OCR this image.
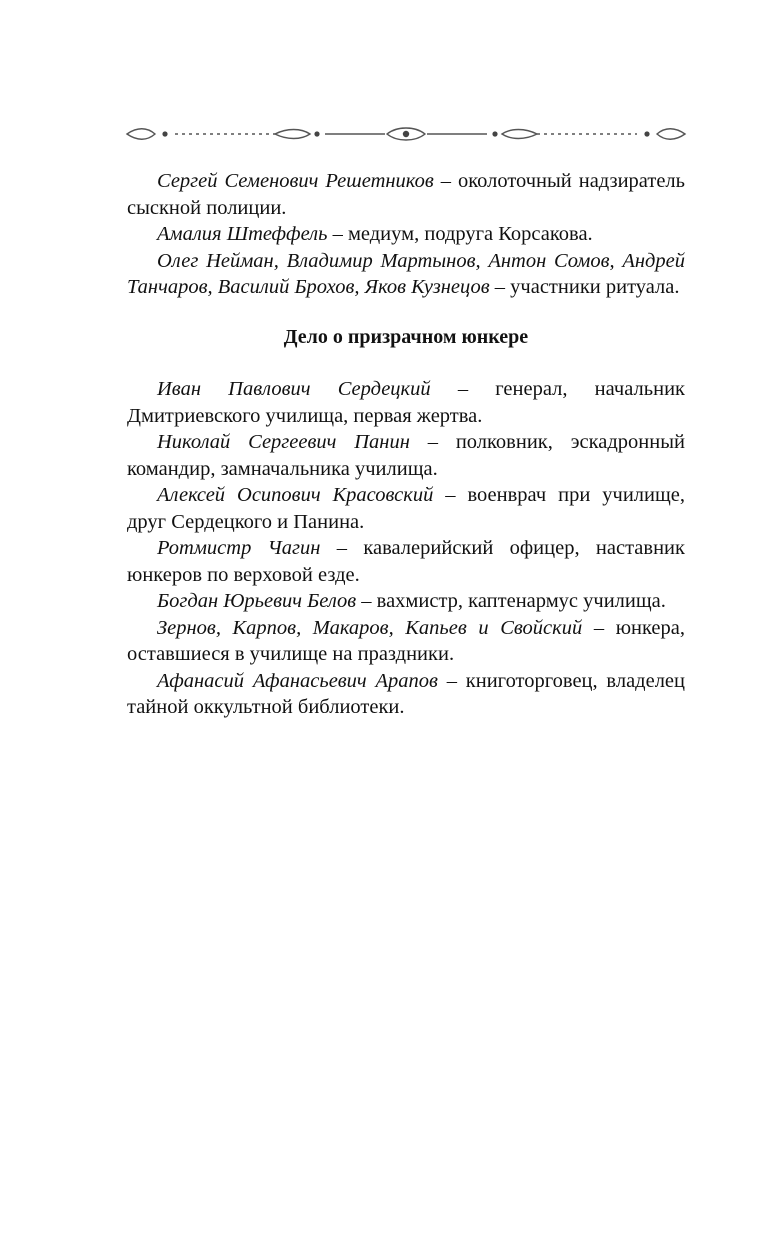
Сергей Семенович Решетников – околоточный надзиратель сыскной полиции.

Амалия Штеффель – медиум, подруга Корсакова.

Олег Нейман, Владимир Мартынов, Антон Сомов, Андрей Танчаров, Василий Брохов, Яков Кузнецов – участники ритуала.

Дело о призрачном юнкере

Иван Павлович Сердецкий – генерал, начальник Дмитриевского училища, первая жертва.

Николай Сергеевич Панин – полковник, эскадронный командир, замначальника училища.

Алексей Осипович Красовский – военврач при училище, друг Сердецкого и Панина.

Ротмистр Чагин – кавалерийский офицер, наставник юнкеров по верховой езде.

Богдан Юрьевич Белов – вахмистр, каптенармус училища.

Зернов, Карпов, Макаров, Капьев и Свойский – юнкера, оставшиеся в училище на праздники.

Афанасий Афанасьевич Арапов – книготорговец, владелец тайной оккультной библиотеки.
